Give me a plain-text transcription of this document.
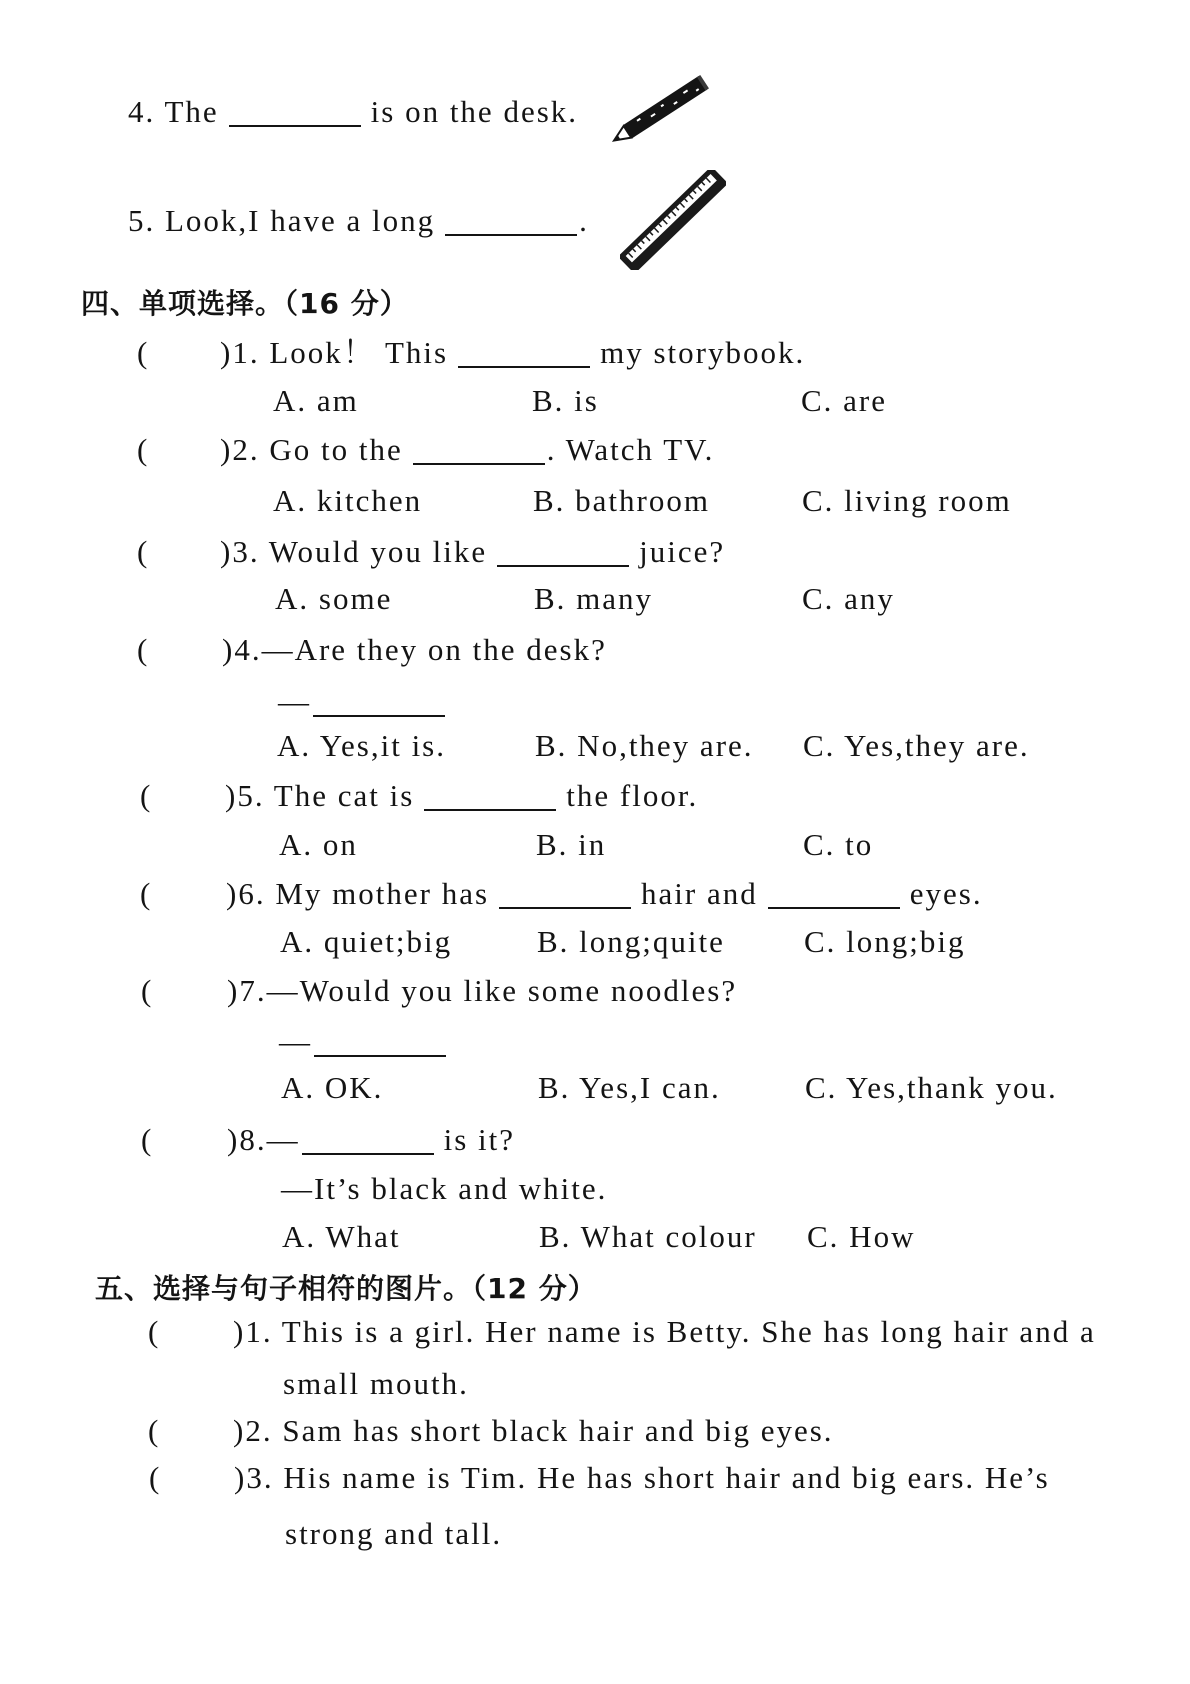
4. The	is on the desk.
5. Look,I have a long	.
四、单项选择。（16 分）
( )1. Look！ This	my storybook.
A. am	B. is	C. are
( )2. Go to the	. Watch TV.
A. kitchen	B. bathroom	C. living room
( )3. Would you like	juice?
A. some	B. many	C. any
( )4.—Are they on the desk?
—
A. Yes,it is.	B. No,they are. C. Yes,they are.
( )5. The cat is	the floor.
A. on	B. in	C. to
( )6. My mother has	hair and	eyes.
A. quiet;big	B. long;quite	C. long;big
( )7.—Would you like some noodles?
—
A. OK.	B. Yes,I can.	C. Yes,thank you.
( )8.—	is it?
—It’s black and white.
A. What	B. What colour C. How
五、选择与句子相符的图片。（12 分）
( )1. This is a girl. Her name is Betty. She has long hair and a
small mouth.
( )2. Sam has short black hair and big eyes.
( )3. His name is Tim. He has short hair and big ears. He’s
strong and tall.
